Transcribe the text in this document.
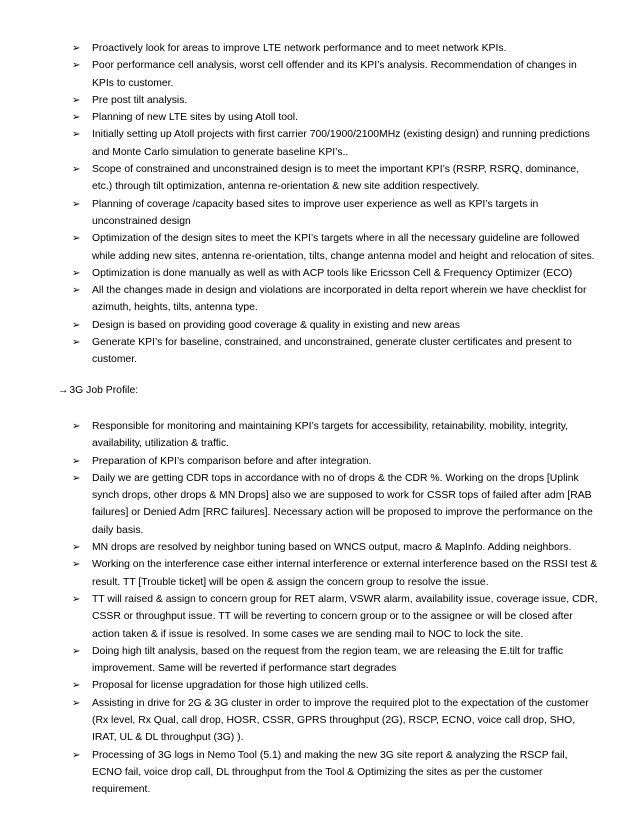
➢ Proactively look for areas to improve LTE network performance and to meet network KPIs.
➢ Poor performance cell analysis, worst cell offender and its KPI’s analysis. Recommendation of changes in KPIs to customer.
➢ Pre post tilt analysis.
➢ Planning of new LTE sites by using Atoll tool.
➢ Initially setting up Atoll projects with first carrier 700/1900/2100MHz (existing design) and running predictions and Monte Carlo simulation to generate baseline KPI’s..
➢ Scope of constrained and unconstrained design is to meet the important KPI’s (RSRP, RSRQ, dominance, etc.) through tilt optimization, antenna re-orientation & new site addition respectively.
➢ Planning of coverage /capacity based sites to improve user experience as well as KPI’s targets in unconstrained design
➢ Optimization of the design sites to meet the KPI’s targets where in all the necessary guideline are followed while adding new sites, antenna re-orientation, tilts, change antenna model and height and relocation of sites.
➢ Optimization is done manually as well as with ACP tools like Ericsson Cell & Frequency Optimizer (ECO)
➢ All the changes made in design and violations are incorporated in delta report wherein we have checklist for azimuth, heights, tilts, antenna type.
➢ Design is based on providing good coverage & quality in existing and new areas
➢ Generate KPI’s for baseline, constrained, and unconstrained, generate cluster certificates and present to customer.
→3G Job Profile:
➢ Responsible for monitoring and maintaining KPI’s targets for accessibility, retainability, mobility, integrity, availability, utilization & traffic.
➢ Preparation of KPI’s comparison before and after integration.
➢ Daily we are getting CDR tops in accordance with no of drops & the CDR %. Working on the drops [Uplink synch drops, other drops & MN Drops] also we are supposed to work for CSSR tops of failed after adm [RAB failures] or Denied Adm [RRC failures]. Necessary action will be proposed to improve the performance on the daily basis.
➢ MN drops are resolved by neighbor tuning based on WNCS output, macro & MapInfo. Adding neighbors.
➢ Working on the interference case either internal interference or external interference based on the RSSI test & result. TT [Trouble ticket] will be open & assign the concern group to resolve the issue.
➢ TT will raised & assign to concern group for RET alarm, VSWR alarm, availability issue, coverage issue, CDR, CSSR or throughput issue. TT will be reverting to concern group or to the assignee or will be closed after action taken & if issue is resolved. In some cases we are sending mail to NOC to lock the site.
➢ Doing high tilt analysis, based on the request from the region team, we are releasing the E.tilt for traffic improvement. Same will be reverted if performance start degrades
➢ Proposal for license upgradation for those high utilized cells.
➢ Assisting in drive for 2G & 3G cluster in order to improve the required plot to the expectation of the customer (Rx level, Rx Qual, call drop, HOSR, CSSR, GPRS throughput (2G), RSCP, ECNO, voice call drop, SHO, IRAT, UL & DL throughput (3G) ).
➢ Processing of 3G logs in Nemo Tool (5.1) and making the new 3G site report & analyzing the RSCP fail, ECNO fail, voice drop call, DL throughput from the Tool & Optimizing the sites as per the customer requirement.
